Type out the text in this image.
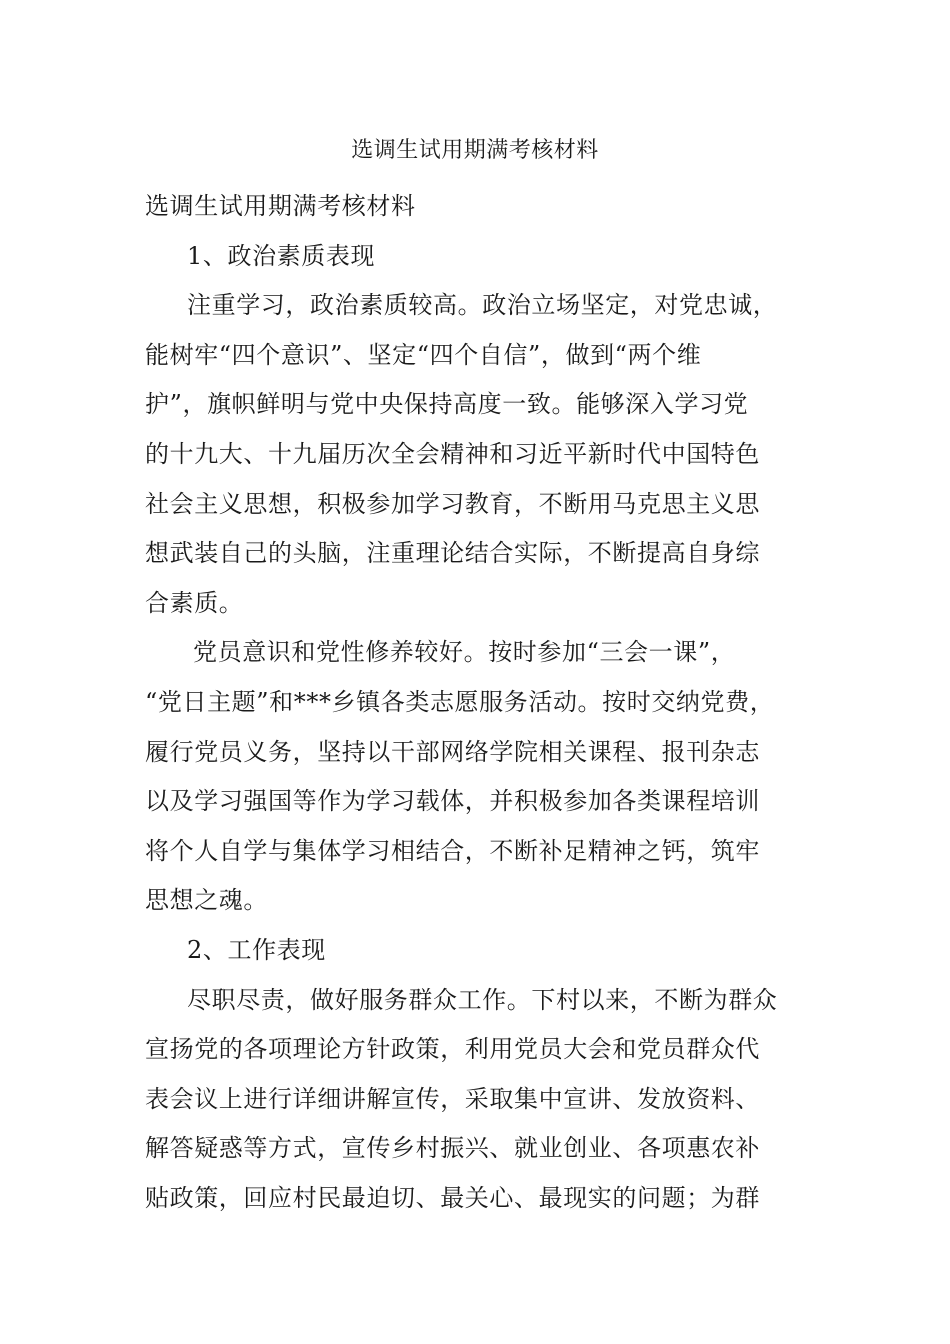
选调生试用期满考核材料
选调生试用期满考核材料
1、政治素质表现
注重学习，政治素质较高。政治立场坚定，对党忠诚，
能树牢“四个意识”、坚定“四个自信”，做到“两个维
护”，旗帜鲜明与党中央保持高度一致。能够深入学习党
的十九大、十九届历次全会精神和习近平新时代中国特色
社会主义思想，积极参加学习教育，不断用马克思主义思
想武装自己的头脑，注重理论结合实际，不断提高自身综
合素质。
党员意识和党性修养较好。按时参加“三会一课”，
“党日主题”和***乡镇各类志愿服务活动。按时交纳党费，
履行党员义务，坚持以干部网络学院相关课程、报刊杂志
以及学习强国等作为学习载体，并积极参加各类课程培训
将个人自学与集体学习相结合，不断补足精神之钙，筑牢
思想之魂。
2、工作表现
尽职尽责，做好服务群众工作。下村以来，不断为群众
宣扬党的各项理论方针政策，利用党员大会和党员群众代
表会议上进行详细讲解宣传，采取集中宣讲、发放资料、
解答疑惑等方式，宣传乡村振兴、就业创业、各项惠农补
贴政策，回应村民最迫切、最关心、最现实的问题；为群
